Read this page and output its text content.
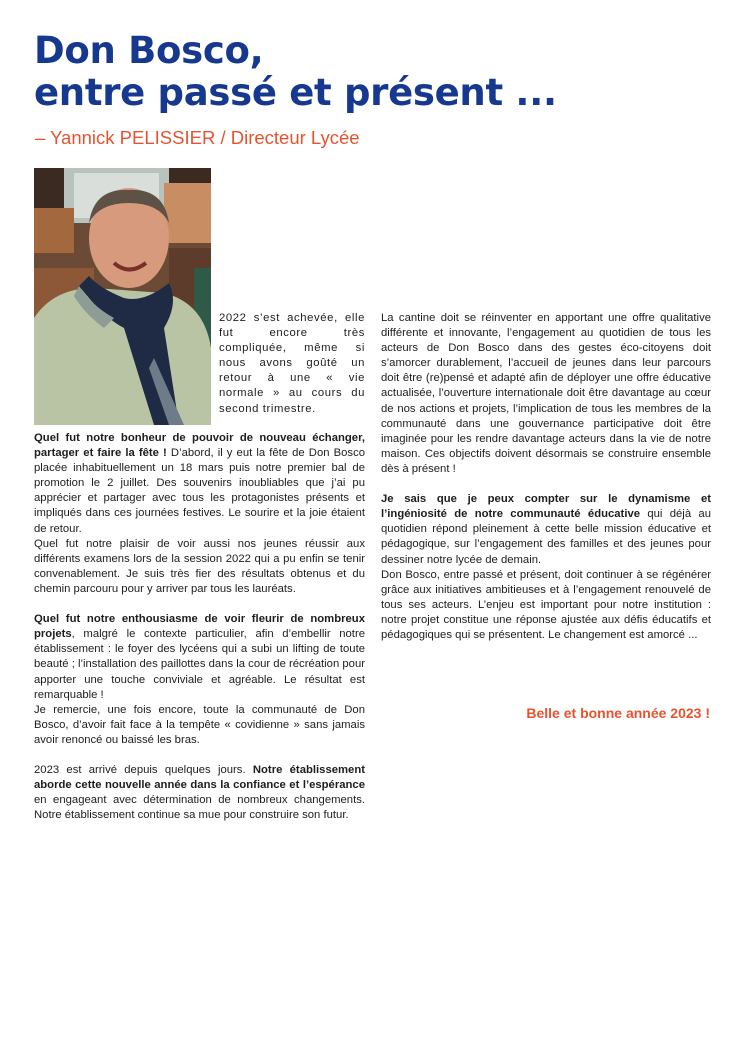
Don Bosco,
entre passé et présent ...
– Yannick PELISSIER / Directeur Lycée

2022 s’est achevée, elle fut encore très compliquée, même si nous avons goûté un retour à une « vie normale » au cours du second trimestre.

Quel fut notre bonheur de pouvoir de nouveau échanger, partager et faire la fête ! D’abord, il y eut la fête de Don Bosco placée inhabituellement un 18 mars puis notre premier bal de promotion le 2 juillet. Des souvenirs inoubliables que j’ai pu apprécier et partager avec tous les protagonistes présents et impliqués dans ces journées festives. Le sourire et la joie étaient de retour.

Quel fut notre plaisir de voir aussi nos jeunes réussir aux différents examens lors de la session 2022 qui a pu enfin se tenir convenablement. Je suis très fier des résultats obtenus et du chemin parcouru pour y arriver par tous les lauréats.

Quel fut notre enthousiasme de voir fleurir de nombreux projets, malgré le contexte particulier, afin d’embellir notre établissement : le foyer des lycéens qui a subi un lifting de toute beauté ; l’installation des paillottes dans la cour de récréation pour apporter une touche conviviale et agréable. Le résultat est remarquable !

Je remercie, une fois encore, toute la communauté de Don Bosco, d’avoir fait face à la tempête « covidienne » sans jamais avoir renoncé ou baissé les bras.

2023 est arrivé depuis quelques jours. Notre établissement aborde cette nouvelle année dans la confiance et l’espérance en engageant avec détermination de nombreux changements. Notre établissement continue sa mue pour construire son futur.

La cantine doit se réinventer en apportant une offre qualitative différente et innovante, l’engagement au quotidien de tous les acteurs de Don Bosco dans des gestes éco-citoyens doit s’amorcer durablement, l’accueil de jeunes dans leur parcours doit être (re)pensé et adapté afin de déployer une offre éducative actualisée, l’ouverture internationale doit être davantage au cœur de nos actions et projets, l’implication de tous les membres de la communauté dans une gouvernance participative doit être imaginée pour les rendre davantage acteurs dans la vie de notre maison. Ces objectifs doivent désormais se construire ensemble dès à présent !

Je sais que je peux compter sur le dynamisme et l’ingéniosité de notre communauté éducative qui déjà au quotidien répond pleinement à cette belle mission éducative et pédagogique, sur l’engagement des familles et des jeunes pour dessiner notre lycée de demain.

Don Bosco, entre passé et présent, doit continuer à se régénérer grâce aux initiatives ambitieuses et à l’engagement renouvelé de tous ses acteurs. L’enjeu est important pour notre institution : notre projet constitue une réponse ajustée aux défis éducatifs et pédagogiques qui se présentent. Le changement est amorcé ...

Belle et bonne année 2023 !
